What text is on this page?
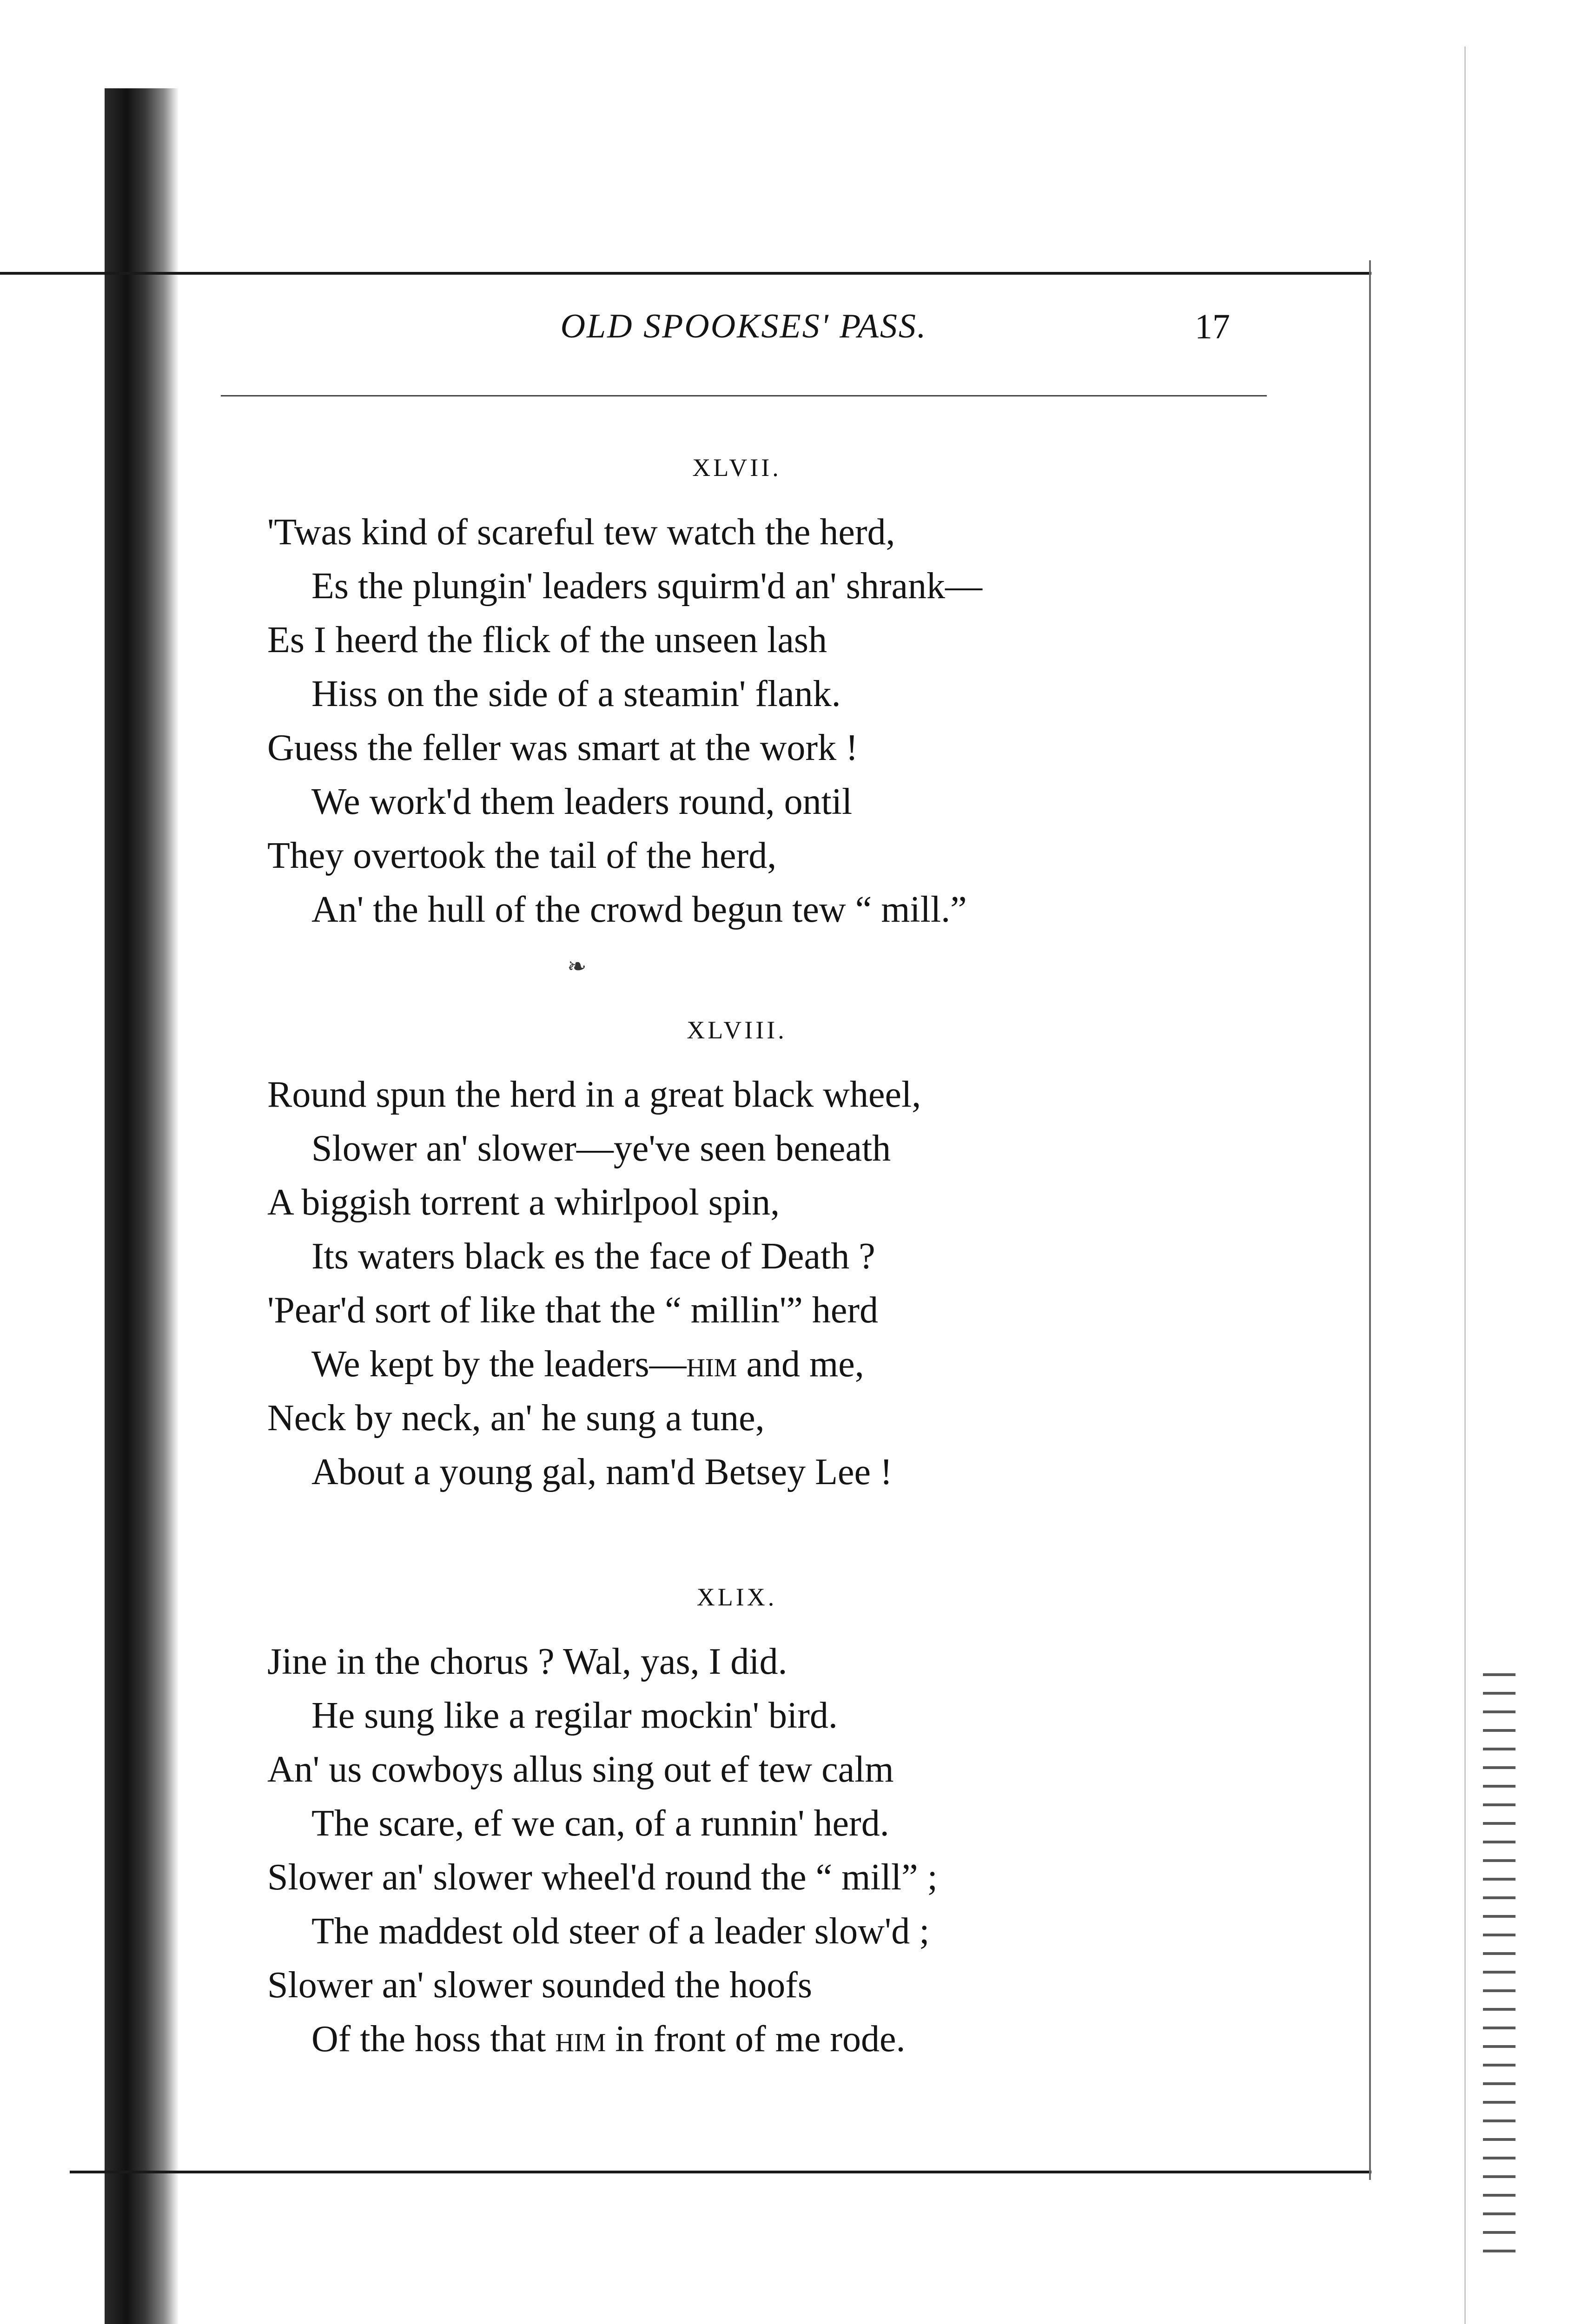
OLD SPOOKSES' PASS.	17
XLVII.
'Twas kind of scareful tew watch the herd,
Es the plungin' leaders squirm'd an' shrank—
Es I heerd the flick of the unseen lash
Hiss on the side of a steamin' flank.
Guess the feller was smart at the work !
We work'd them leaders round, ontil
They overtook the tail of the herd,
An' the hull of the crowd begun tew “ mill.”
❧
XLVIII.
Round spun the herd in a great black wheel,
Slower an' slower—ye've seen beneath
A biggish torrent a whirlpool spin,
Its waters black es the face of Death ?
'Pear'd sort of like that the “ millin'” herd
We kept by the leaders—him and me,
Neck by neck, an' he sung a tune,
About a young gal, nam'd Betsey Lee !
XLIX.
Jine in the chorus ? Wal, yas, I did.
He sung like a regilar mockin' bird.
An' us cowboys allus sing out ef tew calm
The scare, ef we can, of a runnin' herd.
Slower an' slower wheel'd round the “ mill” ;
The maddest old steer of a leader slow'd ;
Slower an' slower sounded the hoofs
Of the hoss that him in front of me rode.
